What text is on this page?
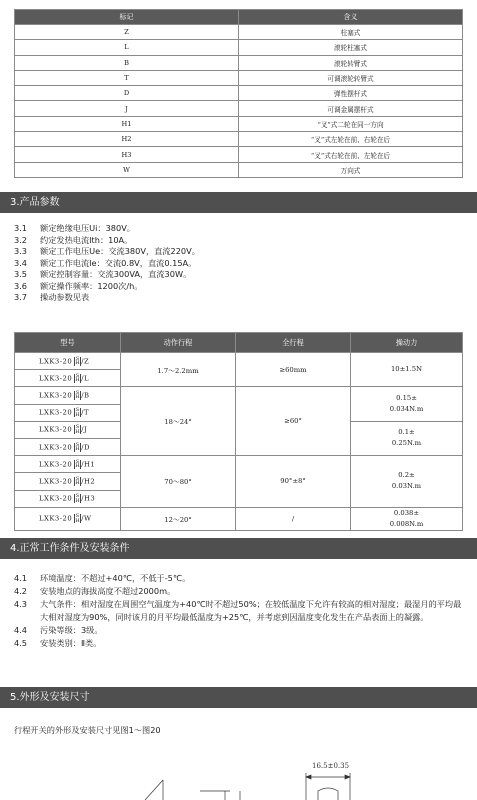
标记	含义
Z	柱塞式
L	滚轮柱塞式
B	滚轮转臂式
T	可调滚轮转臂式
D	弹性摆杆式
J	可调金属摆杆式
H1	“叉”式二轮在同一方向
H2	“叉”式左轮在前、右轮在后
H3	“叉”式右轮在前、左轮在后
W	万向式
3.产品参数
3.1	额定绝缘电压Ui：380V。
3.2	约定发热电流Ith：10A。
3.3	额定工作电压Ue：交流380V，直流220V。
3.4	额定工作电流Ie：交流0.8V，直流0.15A。
3.5	额定控制容量：交流300VA，直流30W。
3.6	额定操作频率：1200次/h。
3.7	操动参数见表
型号	动作行程	全行程	操动力
LXK3-20 S H/Z	1.7～2.2mm	≥60mm	10±1.5N
LXK3-20 S H/L			
LXK3-20 S H/B	18～24°	≥60°	0.15±
0.034N.m
LXK3-20 S H/T			
LXK3-20 S H/J			0.1±
0.25N.m
LXK3-20 S H/D			
LXK3-20 S H/H1	70～80°	90°±8°	0.2±
0.03N.m
LXK3-20 S H/H2			
LXK3-20 S H/H3			
LXK3-20 S H/W	12～20°	/	0.038±
0.008N.m
4.正常工作条件及安装条件
4.1	环境温度：不超过+40℃，不低于-5℃。
4.2	安装地点的海拔高度不超过2000m。
4.3	大气条件：相对湿度在周围空气温度为+40℃时不超过50%；在较低温度下允许有较高的相对湿度；最湿月的平均最大相对湿度为90%，同时该月的月平均最低温度为+25℃，并考虑到因温度变化发生在产品表面上的凝露。
4.4	污染等级：3级。
4.5	安装类别：Ⅱ类。
5.外形及安装尺寸
行程开关的外形及安装尺寸见图1～图20
16.5±0.35
